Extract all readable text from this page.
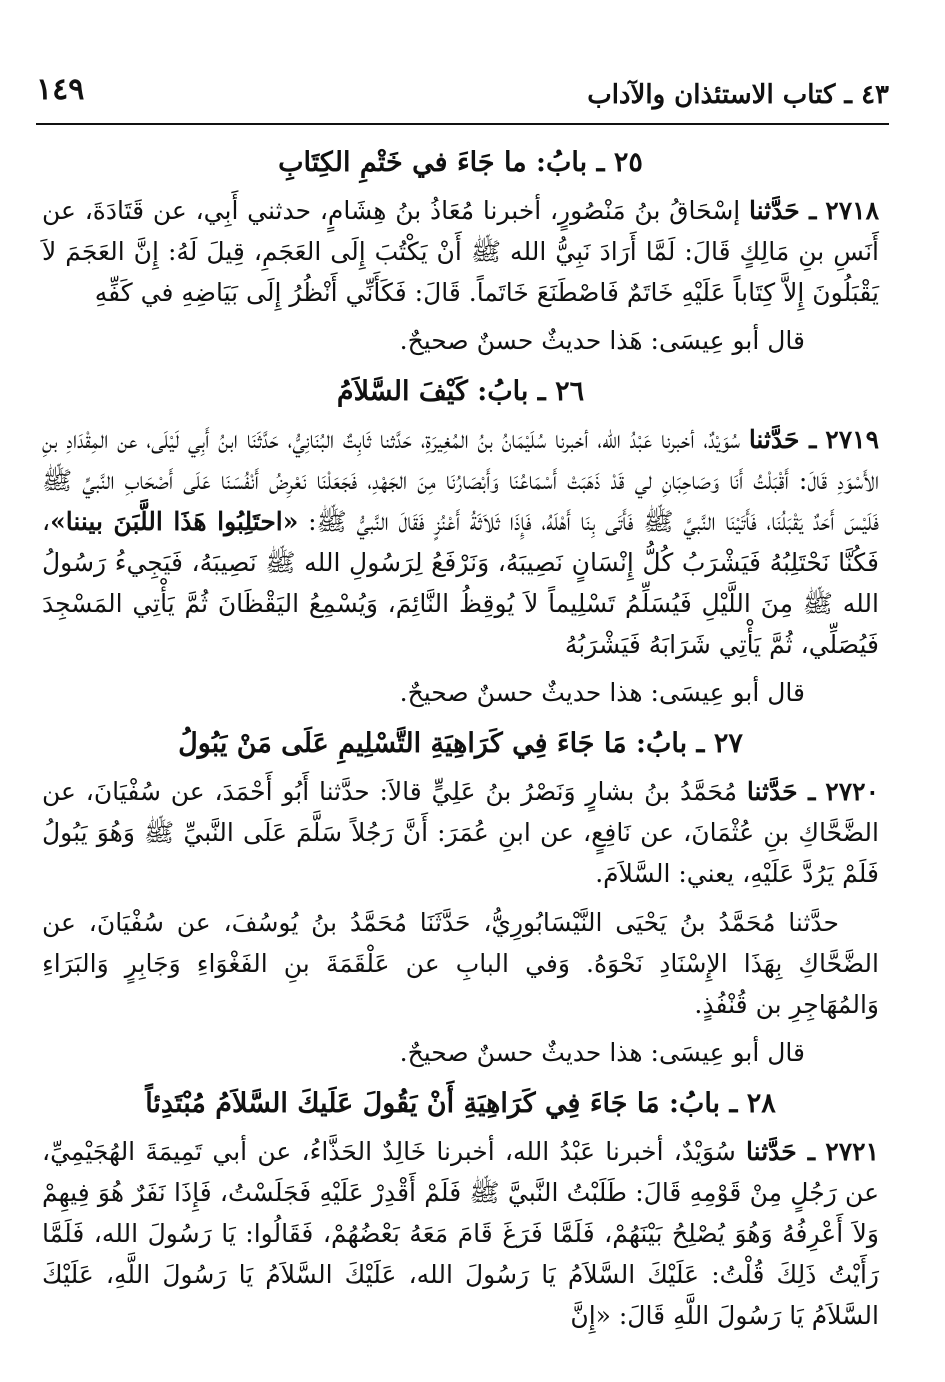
١٤٩	٤٣ ـ كتاب الاستئذان والآداب
٢٥ ـ بابُ: ما جَاءَ في خَتْمِ الكِتَابِ

٢٧١٨ ـ حَدَّثنا إسْحَاقُ بنُ مَنْصُورٍ، أخبرنا مُعَاذُ بنُ هِشَامٍ، حدثني أَبِي، عن قَتَادَةَ، عن أَنَسِ بنِ مَالِكٍ قَالَ: لَمَّا أَرَادَ نَبِيُّ الله ﷺ أَنْ يَكْتُبَ إِلَى العَجَمِ، قِيلَ لَهُ: إِنَّ العَجَمَ لاَ يَقْبَلُونَ إِلاَّ كِتَاباً عَلَيْهِ خَاتَمٌ فَاصْطَنَعَ خَاتَماً. قَالَ: فَكَأَنِّي أَنْظُرُ إِلَى بَيَاضِهِ في كَفِّهِ

قال أبو عِيسَى: هَذا حديثٌ حسنٌ صحيحٌ.

٢٦ ـ بابُ: كَيْفَ السَّلاَمُ

٢٧١٩ ـ حَدَّثنا سُوَيْدٌ، أخبرنا عَبْدُ الله، أخبرنا سُلَيْمَانُ بنُ المُغِيرَةِ، حَدَّثنا ثَابِتٌ البُنَانِيُّ، حَدَّثَنَا ابنُ أَبِي لَيْلَى، عن المِقْدَادِ بنِ الأَسْوَدِ قَالَ: أَقْبَلْتُ أَنَا وَصَاحِبَانِ لي قَدْ ذَهَبَتْ أَسْمَاعُنَا وَأَبْصَارُنَا مِنَ الجَهْدِ، فَجَعَلْنَا نَعْرِضُ أَنْفُسَنَا عَلَى أَصْحَابِ النَّبيِّ ﷺ فَلَيْسَ أَحَدٌ يَقْبَلُنَا، فَأَتَيْنَا النَّبيَّ ﷺ فَأَتَى بِنَا أَهْلَهُ، فَإِذَا ثَلاَثَةُ أَعْنُزٍ فَقَالَ النَّبيُّ ﷺ: «احتَلِبُوا هَذَا اللَّبَنَ بيننا»، فَكُنَّا نَحْتَلِبُهُ فَيَشْرَبُ كُلُّ إِنْسَانٍ نَصِيبَهُ، وَنَرْفَعُ لِرَسُولِ الله ﷺ نَصِيبَهُ، فَيَجِيءُ رَسُولُ الله ﷺ مِنَ اللَّيْلِ فَيُسَلِّمُ تَسْلِيماً لاَ يُوقِظُ النَّائِمَ، وَيُسْمِعُ اليَقْظَانَ ثُمَّ يَأْتِي المَسْجِدَ فَيُصَلِّي، ثُمَّ يَأْتِي شَرَابَهُ فَيَشْرَبُهُ

قال أبو عِيسَى: هذا حديثٌ حسنٌ صحيحٌ.

٢٧ ـ بابُ: مَا جَاءَ فِي كَرَاهِيَةِ التَّسْلِيمِ عَلَى مَنْ يَبُولُ

٢٧٢٠ ـ حَدَّثنا مُحَمَّدُ بنُ بشارٍ وَنَصْرُ بنُ عَلِيٍّ قالاَ: حدَّثنا أَبُو أَحْمَدَ، عن سُفْيَانَ، عن الضَّحَّاكِ بنِ عُثْمَانَ، عن نَافِعٍ، عن ابنِ عُمَرَ: أَنَّ رَجُلاً سَلَّمَ عَلَى النَّبيِّ ﷺ وَهُوَ يَبُولُ فَلَمْ يَرُدَّ عَلَيْهِ، يعني: السَّلاَمَ.

حدَّثنا مُحَمَّدُ بنُ يَحْيَى النَّيْسَابُورِيُّ، حَدَّثَنَا مُحَمَّدُ بنُ يُوسُفَ، عن سُفْيَانَ، عن الضَّحَّاكِ بِهَذَا الإِسْنَادِ نَحْوَهُ. وَفي البابِ عن عَلْقَمَةَ بنِ الفَغْوَاءِ وَجَابِرٍ وَالبَرَاءِ وَالمُهَاجِرِ بن قُنْفُذٍ.

قال أبو عِيسَى: هذا حديثٌ حسنٌ صحيحٌ.

٢٨ ـ بابُ: مَا جَاءَ فِي كَرَاهِيَةِ أَنْ يَقُولَ عَلَيكَ السَّلاَمُ مُبْتَدِئاً

٢٧٢١ ـ حَدَّثنا سُوَيْدٌ، أخبرنا عَبْدُ الله، أخبرنا خَالِدٌ الحَذَّاءُ، عن أبي تَمِيمَةَ الهُجَيْمِيِّ، عن رَجُلٍ مِنْ قَوْمِهِ قَالَ: طَلَبْتُ النَّبيَّ ﷺ فَلَمْ أَقْدِرْ عَلَيْهِ فَجَلَسْتُ، فَإِذَا نَفَرٌ هُوَ فِيهِمْ وَلاَ أَعْرِفُهُ وَهُوَ يُصْلِحُ بَيْنَهُمْ، فَلَمَّا فَرَغَ قَامَ مَعَهُ بَعْضُهُمْ، فَقَالُوا: يَا رَسُولَ الله، فَلَمَّا رَأَيْتُ ذَلِكَ قُلْتُ: عَلَيْكَ السَّلاَمُ يَا رَسُولَ الله، عَلَيْكَ السَّلاَمُ يَا رَسُولَ اللَّهِ، عَلَيْكَ السَّلاَمُ يَا رَسُولَ اللَّهِ قَالَ: «إِنَّ
